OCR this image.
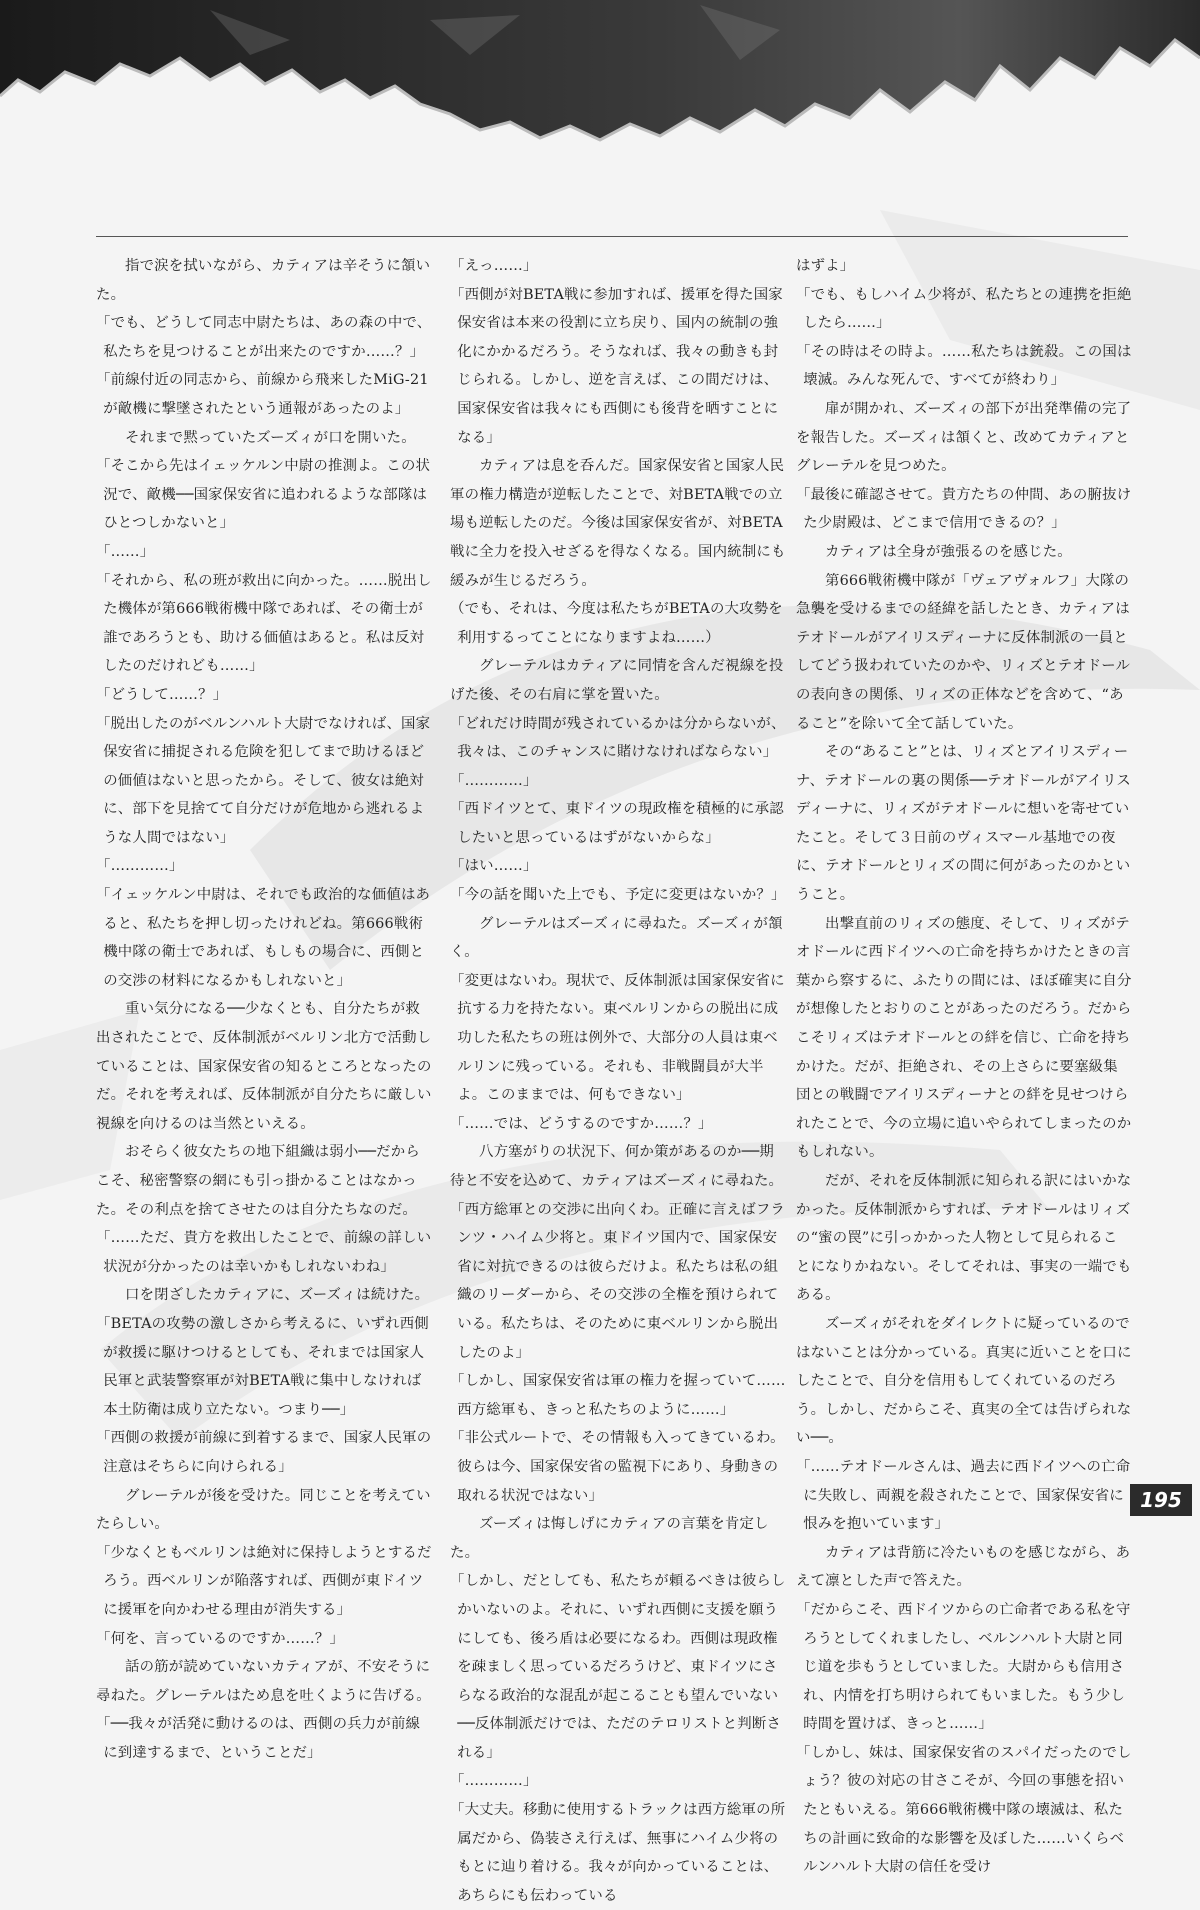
　指で涙を拭いながら、カティアは辛そうに頷いた。

「でも、どうして同志中尉たちは、あの森の中で、私たちを見つけることが出来たのですか……？」

「前線付近の同志から、前線から飛来したMiG-21が敵機に撃墜されたという通報があったのよ」

　それまで黙っていたズーズィが口を開いた。

「そこから先はイェッケルン中尉の推測よ。この状況で、敵機──国家保安省に追われるような部隊はひとつしかないと」

「……」

「それから、私の班が救出に向かった。……脱出した機体が第666戦術機中隊であれば、その衛士が誰であろうとも、助ける価値はあると。私は反対したのだけれども……」

「どうして……？」

「脱出したのがベルンハルト大尉でなければ、国家保安省に捕捉される危険を犯してまで助けるほどの価値はないと思ったから。そして、彼女は絶対に、部下を見捨てて自分だけが危地から逃れるような人間ではない」

「…………」

「イェッケルン中尉は、それでも政治的な価値はあると、私たちを押し切ったけれどね。第666戦術機中隊の衛士であれば、もしもの場合に、西側との交渉の材料になるかもしれないと」

　重い気分になる──少なくとも、自分たちが救出されたことで、反体制派がベルリン北方で活動していることは、国家保安省の知るところとなったのだ。それを考えれば、反体制派が自分たちに厳しい視線を向けるのは当然といえる。

　おそらく彼女たちの地下組織は弱小──だからこそ、秘密警察の網にも引っ掛かることはなかった。その利点を捨てさせたのは自分たちなのだ。

「……ただ、貴方を救出したことで、前線の詳しい状況が分かったのは幸いかもしれないわね」

　口を閉ざしたカティアに、ズーズィは続けた。

「BETAの攻勢の激しさから考えるに、いずれ西側が救援に駆けつけるとしても、それまでは国家人民軍と武装警察軍が対BETA戦に集中しなければ本土防衛は成り立たない。つまり──」

「西側の救援が前線に到着するまで、国家人民軍の注意はそちらに向けられる」

　グレーテルが後を受けた。同じことを考えていたらしい。

「少なくともベルリンは絶対に保持しようとするだろう。西ベルリンが陥落すれば、西側が東ドイツに援軍を向かわせる理由が消失する」

「何を、言っているのですか……？」

　話の筋が読めていないカティアが、不安そうに尋ねた。グレーテルはため息を吐くように告げる。

「──我々が活発に動けるのは、西側の兵力が前線に到達するまで、ということだ」

「えっ……」

「西側が対BETA戦に参加すれば、援軍を得た国家保安省は本来の役割に立ち戻り、国内の統制の強化にかかるだろう。そうなれば、我々の動きも封じられる。しかし、逆を言えば、この間だけは、国家保安省は我々にも西側にも後背を晒すことになる」

　カティアは息を呑んだ。国家保安省と国家人民軍の権力構造が逆転したことで、対BETA戦での立場も逆転したのだ。今後は国家保安省が、対BETA戦に全力を投入せざるを得なくなる。国内統制にも緩みが生じるだろう。

（でも、それは、今度は私たちがBETAの大攻勢を利用するってことになりますよね……）

　グレーテルはカティアに同情を含んだ視線を投げた後、その右肩に掌を置いた。

「どれだけ時間が残されているかは分からないが、我々は、このチャンスに賭けなければならない」

「…………」

「西ドイツとて、東ドイツの現政権を積極的に承認したいと思っているはずがないからな」

「はい……」

「今の話を聞いた上でも、予定に変更はないか？」

　グレーテルはズーズィに尋ねた。ズーズィが頷く。

「変更はないわ。現状で、反体制派は国家保安省に抗する力を持たない。東ベルリンからの脱出に成功した私たちの班は例外で、大部分の人員は東ベルリンに残っている。それも、非戦闘員が大半よ。このままでは、何もできない」

「……では、どうするのですか……？」

　八方塞がりの状況下、何か策があるのか──期待と不安を込めて、カティアはズーズィに尋ねた。

「西方総軍との交渉に出向くわ。正確に言えばフランツ・ハイム少将と。東ドイツ国内で、国家保安省に対抗できるのは彼らだけよ。私たちは私の組織のリーダーから、その交渉の全権を預けられている。私たちは、そのために東ベルリンから脱出したのよ」

「しかし、国家保安省は軍の権力を握っていて……西方総軍も、きっと私たちのように……」

「非公式ルートで、その情報も入ってきているわ。彼らは今、国家保安省の監視下にあり、身動きの取れる状況ではない」

　ズーズィは悔しげにカティアの言葉を肯定した。

「しかし、だとしても、私たちが頼るべきは彼らしかいないのよ。それに、いずれ西側に支援を願うにしても、後ろ盾は必要になるわ。西側は現政権を疎ましく思っているだろうけど、東ドイツにさらなる政治的な混乱が起こることも望んでいない──反体制派だけでは、ただのテロリストと判断される」

「…………」

「大丈夫。移動に使用するトラックは西方総軍の所属だから、偽装さえ行えば、無事にハイム少将のもとに辿り着ける。我々が向かっていることは、あちらにも伝わっている

はずよ」

「でも、もしハイム少将が、私たちとの連携を拒絶したら……」

「その時はその時よ。……私たちは銃殺。この国は壊滅。みんな死んで、すべてが終わり」

　扉が開かれ、ズーズィの部下が出発準備の完了を報告した。ズーズィは頷くと、改めてカティアとグレーテルを見つめた。

「最後に確認させて。貴方たちの仲間、あの腑抜けた少尉殿は、どこまで信用できるの？」

　カティアは全身が強張るのを感じた。

　第666戦術機中隊が「ヴェアヴォルフ」大隊の急襲を受けるまでの経緯を話したとき、カティアはテオドールがアイリスディーナに反体制派の一員としてどう扱われていたのかや、リィズとテオドールの表向きの関係、リィズの正体などを含めて、“あること”を除いて全て話していた。

　その“あること”とは、リィズとアイリスディーナ、テオドールの裏の関係──テオドールがアイリスディーナに、リィズがテオドールに想いを寄せていたこと。そして３日前のヴィスマール基地での夜に、テオドールとリィズの間に何があったのかということ。

　出撃直前のリィズの態度、そして、リィズがテオドールに西ドイツへの亡命を持ちかけたときの言葉から察するに、ふたりの間には、ほぼ確実に自分が想像したとおりのことがあったのだろう。だからこそリィズはテオドールとの絆を信じ、亡命を持ちかけた。だが、拒絶され、その上さらに要塞級集団との戦闘でアイリスディーナとの絆を見せつけられたことで、今の立場に追いやられてしまったのかもしれない。

　だが、それを反体制派に知られる訳にはいかなかった。反体制派からすれば、テオドールはリィズの“蜜の罠”に引っかかった人物として見られることになりかねない。そしてそれは、事実の一端でもある。

　ズーズィがそれをダイレクトに疑っているのではないことは分かっている。真実に近いことを口にしたことで、自分を信用もしてくれているのだろう。しかし、だからこそ、真実の全ては告げられない──。

「……テオドールさんは、過去に西ドイツへの亡命に失敗し、両親を殺されたことで、国家保安省に恨みを抱いています」

　カティアは背筋に冷たいものを感じながら、あえて凛とした声で答えた。

「だからこそ、西ドイツからの亡命者である私を守ろうとしてくれましたし、ベルンハルト大尉と同じ道を歩もうとしていました。大尉からも信用され、内情を打ち明けられてもいました。もう少し時間を置けば、きっと……」

「しかし、妹は、国家保安省のスパイだったのでしょう？彼の対応の甘さこそが、今回の事態を招いたともいえる。第666戦術機中隊の壊滅は、私たちの計画に致命的な影響を及ぼした……いくらベルンハルト大尉の信任を受け

195
